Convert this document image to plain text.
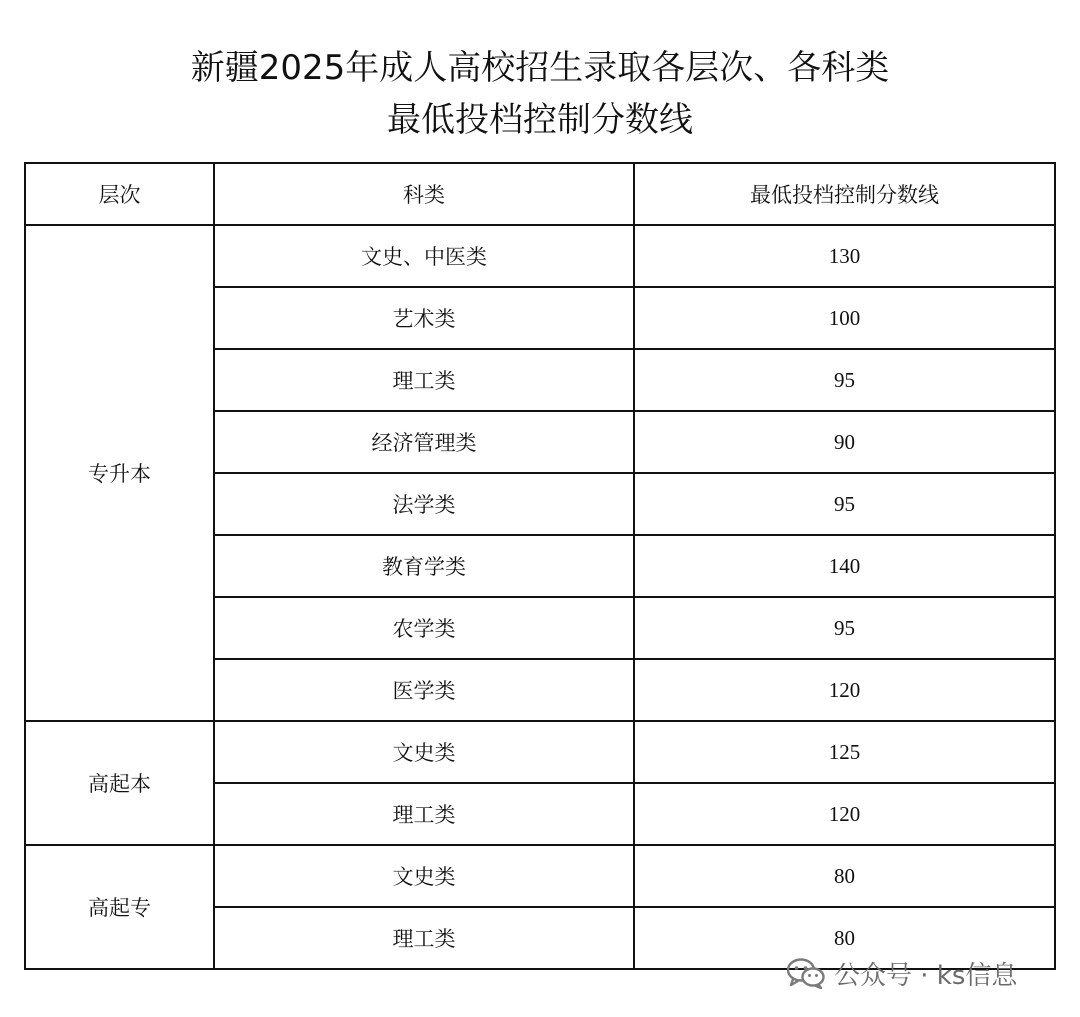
新疆2025年成人高校招生录取各层次、各科类
最低投档控制分数线
层次	科类	最低投档控制分数线
专升本	文史、中医类	130
	艺术类	100
	理工类	95
	经济管理类	90
	法学类	95
	教育学类	140
	农学类	95
	医学类	120
高起本	文史类	125
	理工类	120
高起专	文史类	80
	理工类	80
公众号 · ks信息
